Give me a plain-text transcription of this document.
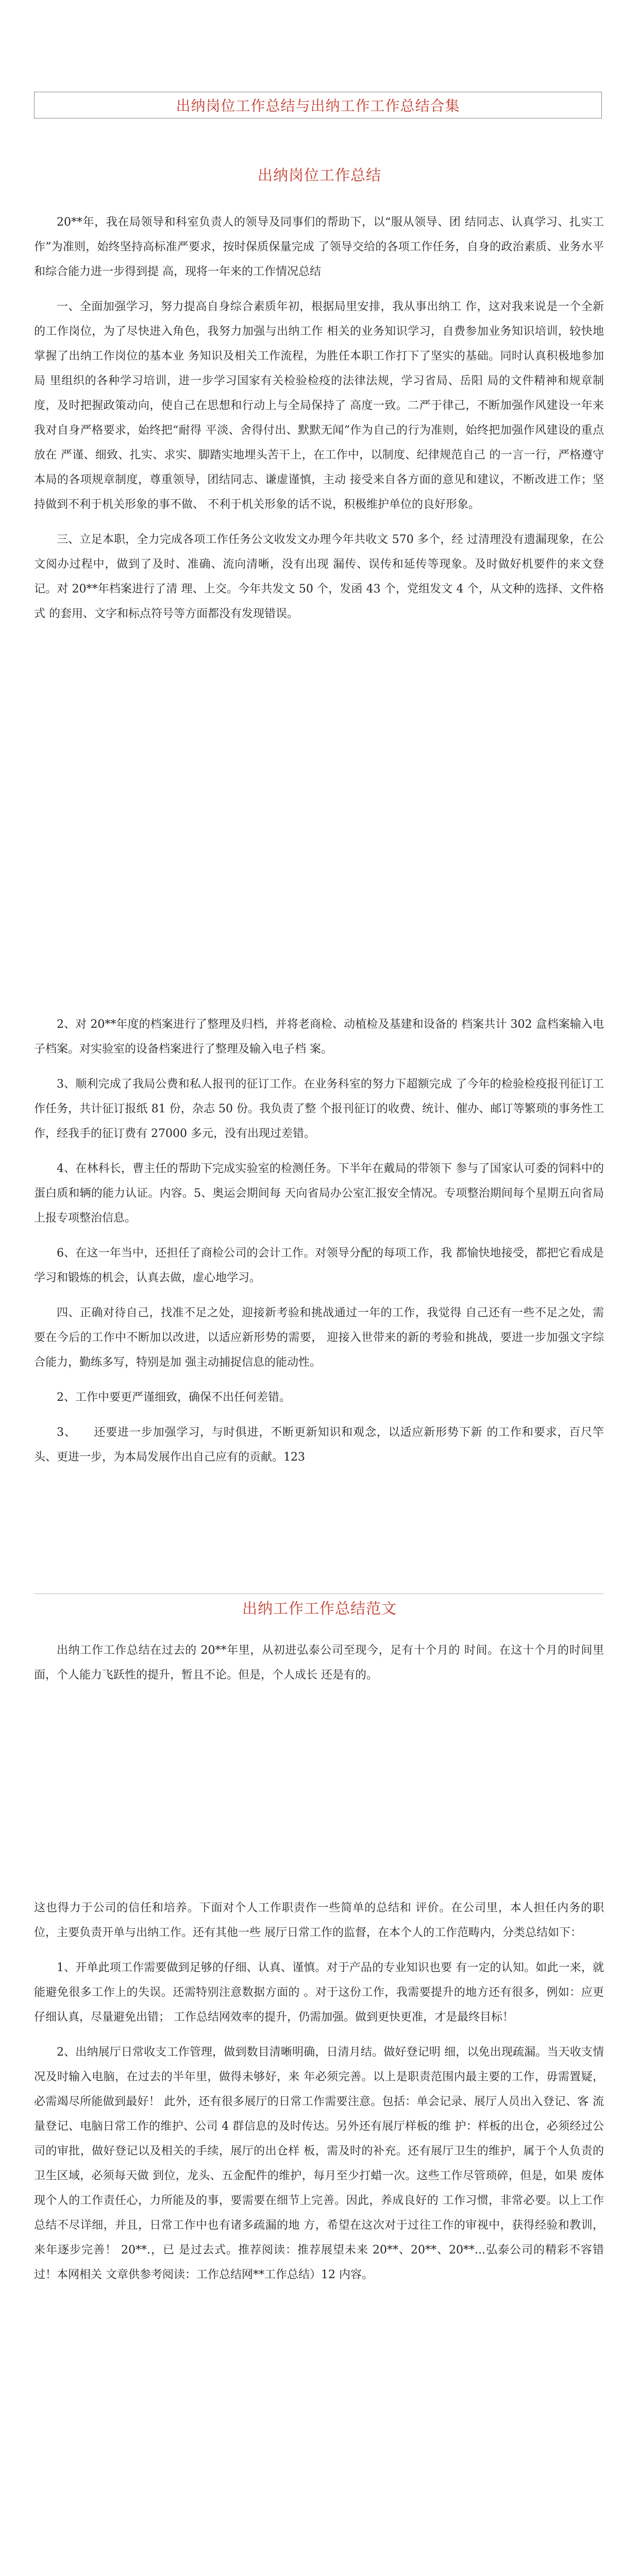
出纳岗位工作总结与出纳工作工作总结合集
出纳岗位工作总结

20**年，我在局领导和科室负责人的领导及同事们的帮助下，以“服从领导、团 结同志、认真学习、扎实工作”为准则，始终坚持高标准严要求，按时保质保量完成 了领导交给的各项工作任务，自身的政治素质、业务水平和综合能力进一步得到提 高，现将一年来的工作情况总结

一、全面加强学习，努力提高自身综合素质年初，根据局里安排，我从事出纳工 作，这对我来说是一个全新的工作岗位，为了尽快进入角色，我努力加强与出纳工作 相关的业务知识学习，自费参加业务知识培训，较快地掌握了出纳工作岗位的基本业 务知识及相关工作流程，为胜任本职工作打下了坚实的基础。同时认真积极地参加局 里组织的各种学习培训，进一步学习国家有关检验检疫的法律法规，学习省局、岳阳 局的文件精神和规章制度，及时把握政策动向，使自己在思想和行动上与全局保持了 高度一致。二严于律己，不断加强作风建设一年来我对自身严格要求，始终把“耐得 平淡、舍得付出、默默无闻”作为自己的行为准则，始终把加强作风建设的重点放在 严谨、细致、扎实、求实、脚踏实地埋头苦干上，在工作中，以制度、纪律规范自己 的一言一行，严格遵守本局的各项规章制度，尊重领导，团结同志、谦虚谨慎，主动 接受来自各方面的意见和建议，不断改进工作；坚持做到不利于机关形象的事不做、 不利于机关形象的话不说，积极维护单位的良好形象。

三、立足本职，全力完成各项工作任务公文收发文办理今年共收文 570 多个，经 过清理没有遗漏现象，在公文阅办过程中，做到了及时、准确、流向清晰，没有出现 漏传、误传和延传等现象。及时做好机要件的来文登记。对 20**年档案进行了清 理、上交。今年共发文 50 个，发函 43 个，党组发文 4 个，从文种的选择、文件格式 的套用、文字和标点符号等方面都没有发现错误。

2、对 20**年度的档案进行了整理及归档，并将老商检、动植检及基建和设备的 档案共计 302 盒档案输入电子档案。对实验室的设备档案进行了整理及输入电子档 案。

3、顺利完成了我局公费和私人报刊的征订工作。在业务科室的努力下超额完成 了今年的检验检疫报刊征订工作任务，共计征订报纸 81 份，杂志 50 份。我负责了整 个报刊征订的收费、统计、催办、邮订等繁琐的事务性工作，经我手的征订费有 27000 多元，没有出现过差错。

4、在林科长，曹主任的帮助下完成实验室的检测任务。下半年在戴局的带领下 参与了国家认可委的饲料中的蛋白质和辆的能力认证。内容。5、奥运会期间每 天向省局办公室汇报安全情况。专项整治期间每个星期五向省局上报专项整治信息。

6、在这一年当中，还担任了商检公司的会计工作。对领导分配的每项工作，我 都愉快地接受，都把它看成是学习和锻炼的机会，认真去做，虚心地学习。

四、正确对待自己，找准不足之处，迎接新考验和挑战通过一年的工作，我觉得 自己还有一些不足之处，需要在今后的工作中不断加以改进，以适应新形势的需要， 迎接入世带来的新的考验和挑战，要进一步加强文字综合能力，勤练多写，特别是加 强主动捕捉信息的能动性。

2、工作中要更严谨细致，确保不出任何差错。

3、　　还要进一步加强学习，与时俱进，不断更新知识和观念，以适应新形势下新 的工作和要求，百尺竿头、更进一步，为本局发展作出自己应有的贡献。123

出纳工作工作总结范文

出纳工作工作总结在过去的 20**年里，从初进弘泰公司至现今，足有十个月的 时间。在这十个月的时间里面，个人能力飞跃性的提升，暂且不论。但是，个人成长 还是有的。

这也得力于公司的信任和培养。下面对个人工作职责作一些简单的总结和 评价。在公司里，本人担任内务的职位，主要负责开单与出纳工作。还有其他一些 展厅日常工作的监督，在本个人的工作范畴内，分类总结如下：

1、开单此项工作需要做到足够的仔细、认真、谨慎。对于产品的专业知识也要 有一定的认知。如此一来，就能避免很多工作上的失误。还需特别注意数据方面的 。对于这份工作，我需要提升的地方还有很多，例如：应更仔细认真，尽量避免出错； 工作总结网效率的提升，仍需加强。做到更快更准，才是最终目标！

2、出纳展厅日常收支工作管理，做到数目清晰明确，日清月结。做好登记明 细，以免出现疏漏。当天收支情况及时输入电脑，在过去的半年里，做得未够好，来 年必须完善。以上是职责范围内最主要的工作，毋需置疑，必需竭尽所能做到最好！ 此外，还有很多展厅的日常工作需要注意。包括：单会记录、展厅人员出入登记、客 流量登记、电脑日常工作的维护、公司 4 群信息的及时传达。另外还有展厅样板的维 护：样板的出仓，必须经过公司的审批，做好登记以及相关的手续，展厅的出仓样 板，需及时的补充。还有展厅卫生的维护，属于个人负责的卫生区域，必须每天做 到位，龙头、五金配件的维护，每月至少打蜡一次。这些工作尽管琐碎，但是，如果 废体现个人的工作责任心，力所能及的事，要需要在细节上完善。因此，养成良好的 工作习惯，非常必要。以上工作总结不尽详细，并且，日常工作中也有诸多疏漏的地 方，希望在这次对于过往工作的审视中，获得经验和教训，来年逐步完善！ 20**.，已 是过去式。推荐阅读：推荐展望未来 20**、20**、20**...弘泰公司的精彩不容错过！本网相关 文章供参考阅读：工作总结网**工作总结）12 内容。
